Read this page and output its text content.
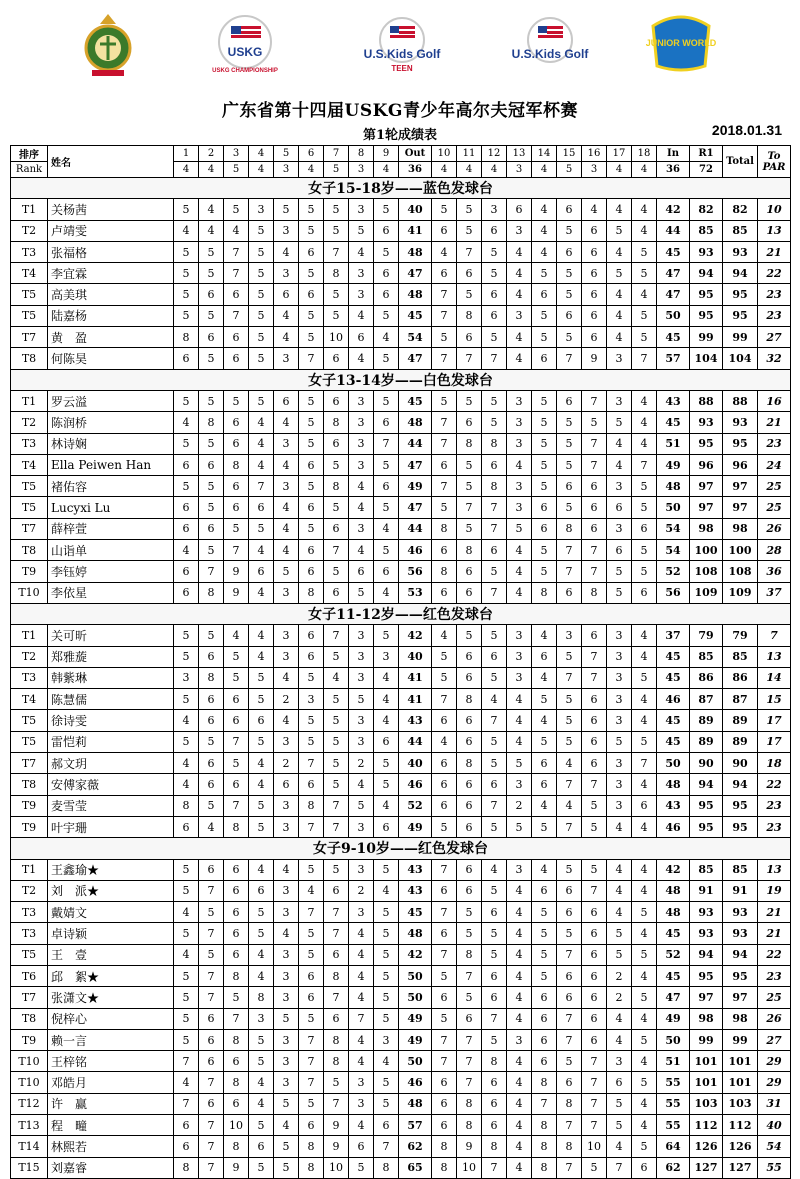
USKG
USKG CHAMPIONSHIP
U.S.Kids Golf
TEEN
U.S.Kids Golf
JUNIOR WORLD
广东省第十四届USKG青少年高尔夫冠军杯赛
第1轮成绩表	2018.01.31
排序	姓名	1	2	3	4	5	6	7	8	9	Out	10	11	12	13	14	15	16	17	18	In	R1	Total	To
PAR

Rank		4	4	5	4	3	4	5	3	4	36	4	4	4	3	4	5	3	4	4	36	72		
女子15-18岁——蓝色发球台																								
T1	关杨茜	5	4	5	3	5	5	5	3	5	40	5	5	3	6	4	6	4	4	4	42	82	82	10
T2	卢靖雯	4	4	4	5	3	5	5	5	6	41	6	5	6	3	4	5	6	5	4	44	85	85	13
T3	张福格	5	5	7	5	4	6	7	4	5	48	4	7	5	4	4	6	6	4	5	45	93	93	21
T4	李宜霖	5	5	7	5	3	5	8	3	6	47	6	6	5	4	5	5	6	5	5	47	94	94	22
T5	高美琪	5	6	6	5	6	6	5	3	6	48	7	5	6	4	6	5	6	4	4	47	95	95	23
T5	陆嘉杨	5	5	7	5	4	5	5	4	5	45	7	8	6	3	5	6	6	4	5	50	95	95	23
T7	黄　盈	8	6	6	5	4	5	10	6	4	54	5	6	5	4	5	5	6	4	5	45	99	99	27
T8	何陈昊	6	5	6	5	3	7	6	4	5	47	7	7	7	4	6	7	9	3	7	57	104	104	32
女子13-14岁——白色发球台																								
T1	罗云溢	5	5	5	5	6	5	6	3	5	45	5	5	5	3	5	6	7	3	4	43	88	88	16
T2	陈润桥	4	8	6	4	4	5	8	3	6	48	7	6	5	3	5	5	5	5	4	45	93	93	21
T3	林诗娴	5	5	6	4	3	5	6	3	7	44	7	8	8	3	5	5	7	4	4	51	95	95	23
T4	Ella Peiwen Han	6	6	8	4	4	6	5	3	5	47	6	5	6	4	5	5	7	4	7	49	96	96	24
T5	褚佑容	5	5	6	7	3	5	8	4	6	49	7	5	8	3	5	6	6	3	5	48	97	97	25
T5	Lucyxi Lu	6	5	6	6	4	6	5	4	5	47	5	7	7	3	6	5	6	6	5	50	97	97	25
T7	薛梓萱	6	6	5	5	4	5	6	3	4	44	8	5	7	5	6	8	6	3	6	54	98	98	26
T8	山诣单	4	5	7	4	4	6	7	4	5	46	6	8	6	4	5	7	7	6	5	54	100	100	28
T9	李钰婷	6	7	9	6	5	6	5	6	6	56	8	6	5	4	5	7	7	5	5	52	108	108	36
T10	李依星	6	8	9	4	3	8	6	5	4	53	6	6	7	4	8	6	8	5	6	56	109	109	37
女子11-12岁——红色发球台																								
T1	关可昕	5	5	4	4	3	6	7	3	5	42	4	5	5	3	4	3	6	3	4	37	79	79	7
T2	郑雅蔙	5	6	5	4	3	6	5	3	3	40	5	6	6	3	6	5	7	3	4	45	85	85	13
T3	韩紫琳	3	8	5	5	4	5	4	3	4	41	5	6	5	3	4	7	7	3	5	45	86	86	14
T4	陈慧儒	5	6	6	5	2	3	5	5	4	41	7	8	4	4	5	5	6	3	4	46	87	87	15
T5	徐诗雯	4	6	6	6	4	5	5	3	4	43	6	6	7	4	4	5	6	3	4	45	89	89	17
T5	雷恺莉	5	5	7	5	3	5	5	3	6	44	4	6	5	4	5	5	6	5	5	45	89	89	17
T7	郝文玥	4	6	5	4	2	7	5	2	5	40	6	8	5	5	6	4	6	3	7	50	90	90	18
T8	安傅家薇	4	6	6	4	6	6	5	4	5	46	6	6	6	3	6	7	7	3	4	48	94	94	22
T9	麦雪莹	8	5	7	5	3	8	7	5	4	52	6	6	7	2	4	4	5	3	6	43	95	95	23
T9	叶宇珊	6	4	8	5	3	7	7	3	6	49	5	6	5	5	5	7	5	4	4	46	95	95	23
女子9-10岁——红色发球台																								
T1	王鑫瑜★	5	6	6	4	4	5	5	3	5	43	7	6	4	3	4	5	5	4	4	42	85	85	13
T2	刘　派★	5	7	6	6	3	4	6	2	4	43	6	6	5	4	6	6	7	4	4	48	91	91	19
T3	戴婧文	4	5	6	5	3	7	7	3	5	45	7	5	6	4	5	6	6	4	5	48	93	93	21
T3	卓诗颖	5	7	6	5	4	5	7	4	5	48	6	5	5	4	5	5	6	5	4	45	93	93	21
T5	王　壹	4	5	6	4	3	5	6	4	5	42	7	8	5	4	5	7	6	5	5	52	94	94	22
T6	邱　絮★	5	7	8	4	3	6	8	4	5	50	5	7	6	4	5	6	6	2	4	45	95	95	23
T7	张潇文★	5	7	5	8	3	6	7	4	5	50	6	5	6	4	6	6	6	2	5	47	97	97	25
T8	倪梓心	5	6	7	3	5	5	6	7	5	49	5	6	7	4	6	7	6	4	4	49	98	98	26
T9	赖一言	5	6	8	5	3	7	8	4	3	49	7	7	5	3	6	7	6	4	5	50	99	99	27
T10	王梓铭	7	6	6	5	3	7	8	4	4	50	7	7	8	4	6	5	7	3	4	51	101	101	29
T10	邓皓月	4	7	8	4	3	7	5	3	5	46	6	7	6	4	8	6	7	6	5	55	101	101	29
T12	许　赢	7	6	6	4	5	5	7	3	5	48	6	8	6	4	7	8	7	5	4	55	103	103	31
T13	程　疃	6	7	10	5	4	6	9	4	6	57	6	8	6	4	8	7	7	5	4	55	112	112	40
T14	林熙若	6	7	8	6	5	8	9	6	7	62	8	9	8	4	8	8	10	4	5	64	126	126	54
T15	刘嘉睿	8	7	9	5	5	8	10	5	8	65	8	10	7	4	8	7	5	7	6	62	127	127	55
